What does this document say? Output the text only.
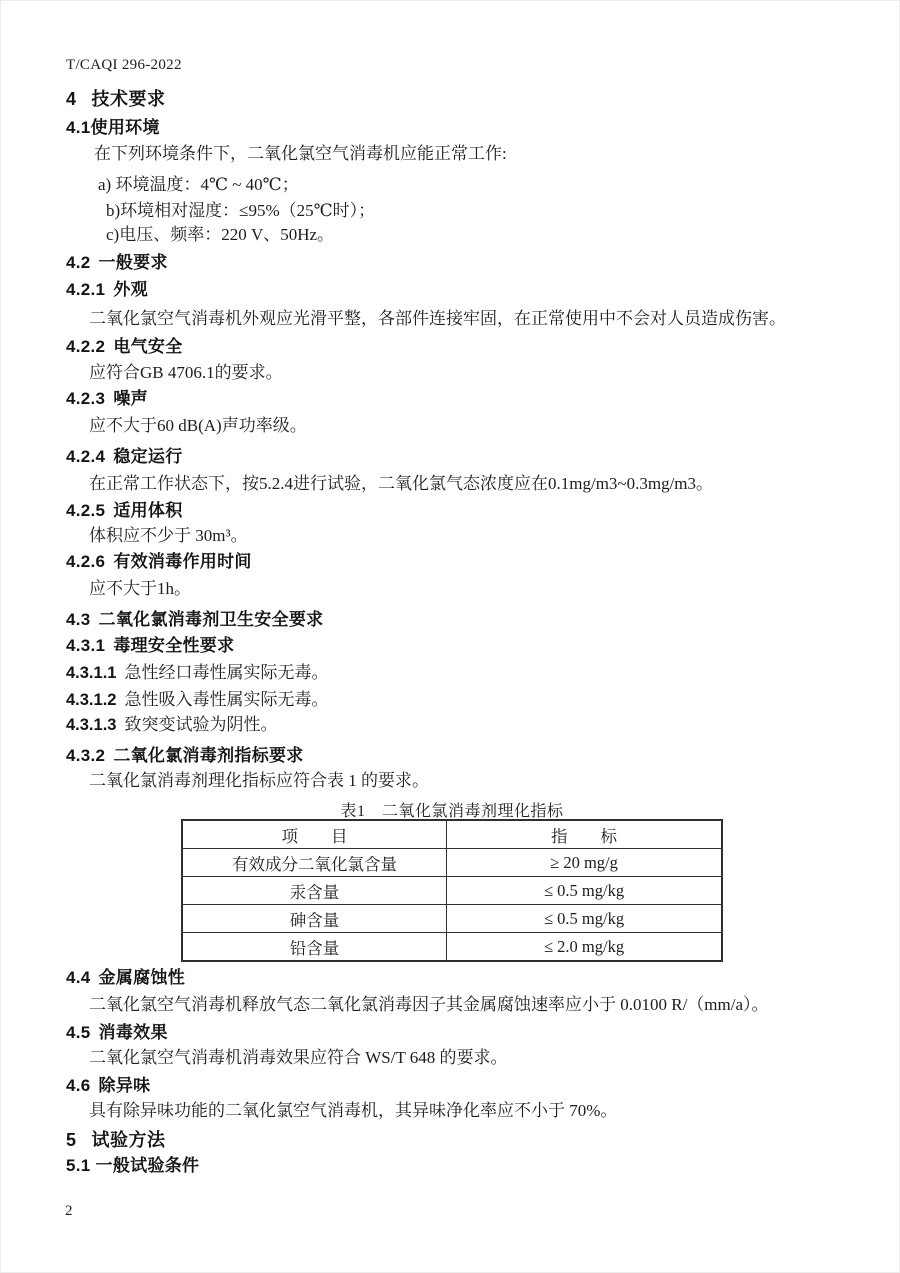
T/CAQI 296-2022
4 技术要求
4.1使用环境
在下列环境条件下，二氧化氯空气消毒机应能正常工作:
a) 环境温度：4℃ ~ 40℃；
b)环境相对湿度：≤95%（25℃时）；
c)电压、频率：220 V、50Hz。
4.2 一般要求
4.2.1 外观
二氧化氯空气消毒机外观应光滑平整，各部件连接牢固，在正常使用中不会对人员造成伤害。
4.2.2 电气安全
应符合GB 4706.1的要求。
4.2.3 噪声
应不大于60 dB(A)声功率级。
4.2.4 稳定运行
在正常工作状态下，按5.2.4进行试验，二氧化氯气态浓度应在0.1mg/m3~0.3mg/m3。
4.2.5 适用体积
体积应不少于 30m³。
4.2.6 有效消毒作用时间
应不大于1h。
4.3 二氧化氯消毒剂卫生安全要求
4.3.1 毒理安全性要求
4.3.1.1 急性经口毒性属实际无毒。
4.3.1.2 急性吸入毒性属实际无毒。
4.3.1.3 致突变试验为阴性。
4.3.2 二氧化氯消毒剂指标要求
二氧化氯消毒剂理化指标应符合表 1 的要求。
表1　二氧化氯消毒剂理化指标
项　　目	指　　标
有效成分二氧化氯含量	≥ 20 mg/g
汞含量	≤ 0.5 mg/kg
砷含量	≤ 0.5 mg/kg
铅含量	≤ 2.0 mg/kg
4.4 金属腐蚀性
二氧化氯空气消毒机释放气态二氧化氯消毒因子其金属腐蚀速率应小于 0.0100 R/（mm/a）。
4.5 消毒效果
二氧化氯空气消毒机消毒效果应符合 WS/T 648 的要求。
4.6 除异味
具有除异味功能的二氧化氯空气消毒机，其异味净化率应不小于 70%。
5 试验方法
5.1 一般试验条件
2
